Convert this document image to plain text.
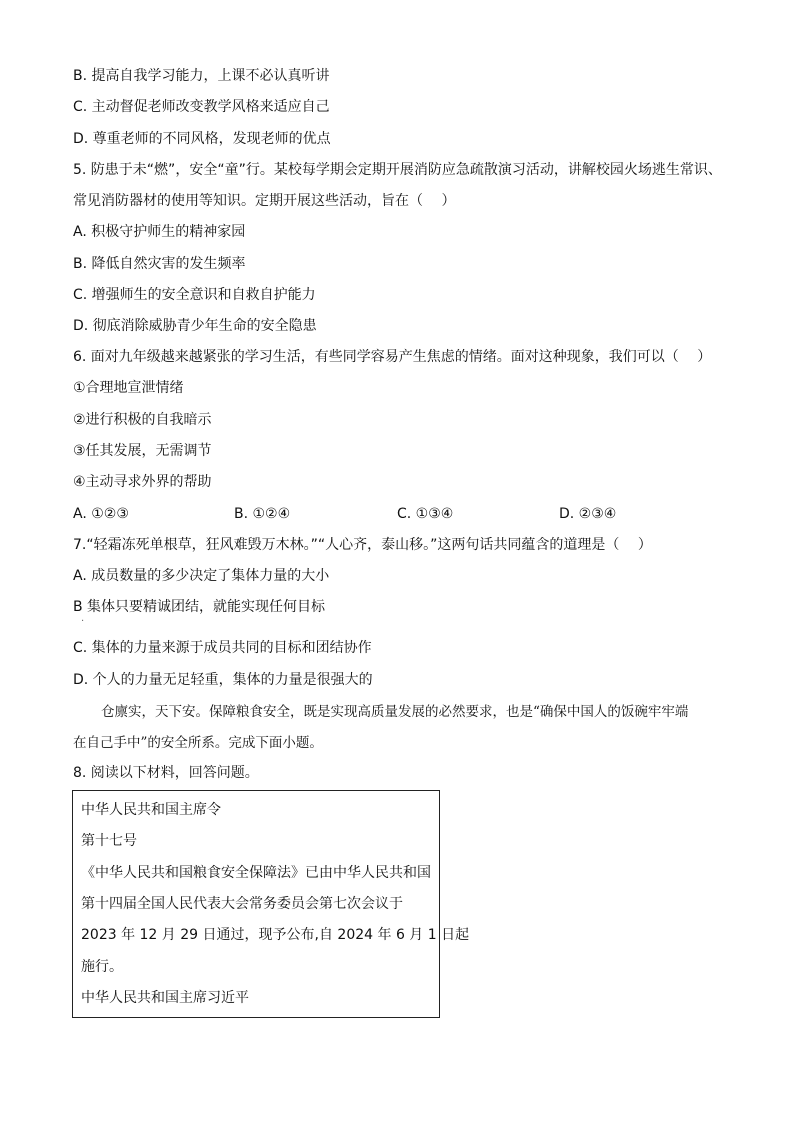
B. 提高自我学习能力，上课不必认真听讲
C. 主动督促老师改变教学风格来适应自己
D. 尊重老师的不同风格，发现老师的优点
5. 防患于未“燃”，安全“童”行。某校每学期会定期开展消防应急疏散演习活动，讲解校园火场逃生常识、
常见消防器材的使用等知识。定期开展这些活动，旨在（　 ）
A. 积极守护师生的精神家园
B. 降低自然灾害的发生频率
C. 增强师生的安全意识和自救自护能力
D. 彻底消除威胁青少年生命的安全隐患
6. 面对九年级越来越紧张的学习生活，有些同学容易产生焦虑的情绪。面对这种现象，我们可以（　 ）
①合理地宣泄情绪
②进行积极的自我暗示
③任其发展，无需调节
④主动寻求外界的帮助
A. ①②③	B. ①②④	C. ①③④	D. ②③④
7.“轻霜冻死单根草，狂风难毁万木林。”“人心齐，泰山移。”这两句话共同蕴含的道理是（　 ）
A. 成员数量的多少决定了集体力量的大小
B 集体只要精诚团结，就能实现任何目标
.
C. 集体的力量来源于成员共同的目标和团结协作
D. 个人的力量无足轻重，集体的力量是很强大的
仓廪实，天下安。保障粮食安全，既是实现高质量发展的必然要求，也是“确保中国人的饭碗牢牢端
在自己手中”的安全所系。完成下面小题。
8. 阅读以下材料，回答问题。
中华人民共和国主席令
第十七号
《中华人民共和国粮食安全保障法》已由中华人民共和国
第十四届全国人民代表大会常务委员会第七次会议于
2023 年 12 月 29 日通过，现予公布,自 2024 年 6 月 1 日起
施行。
中华人民共和国主席习近平
